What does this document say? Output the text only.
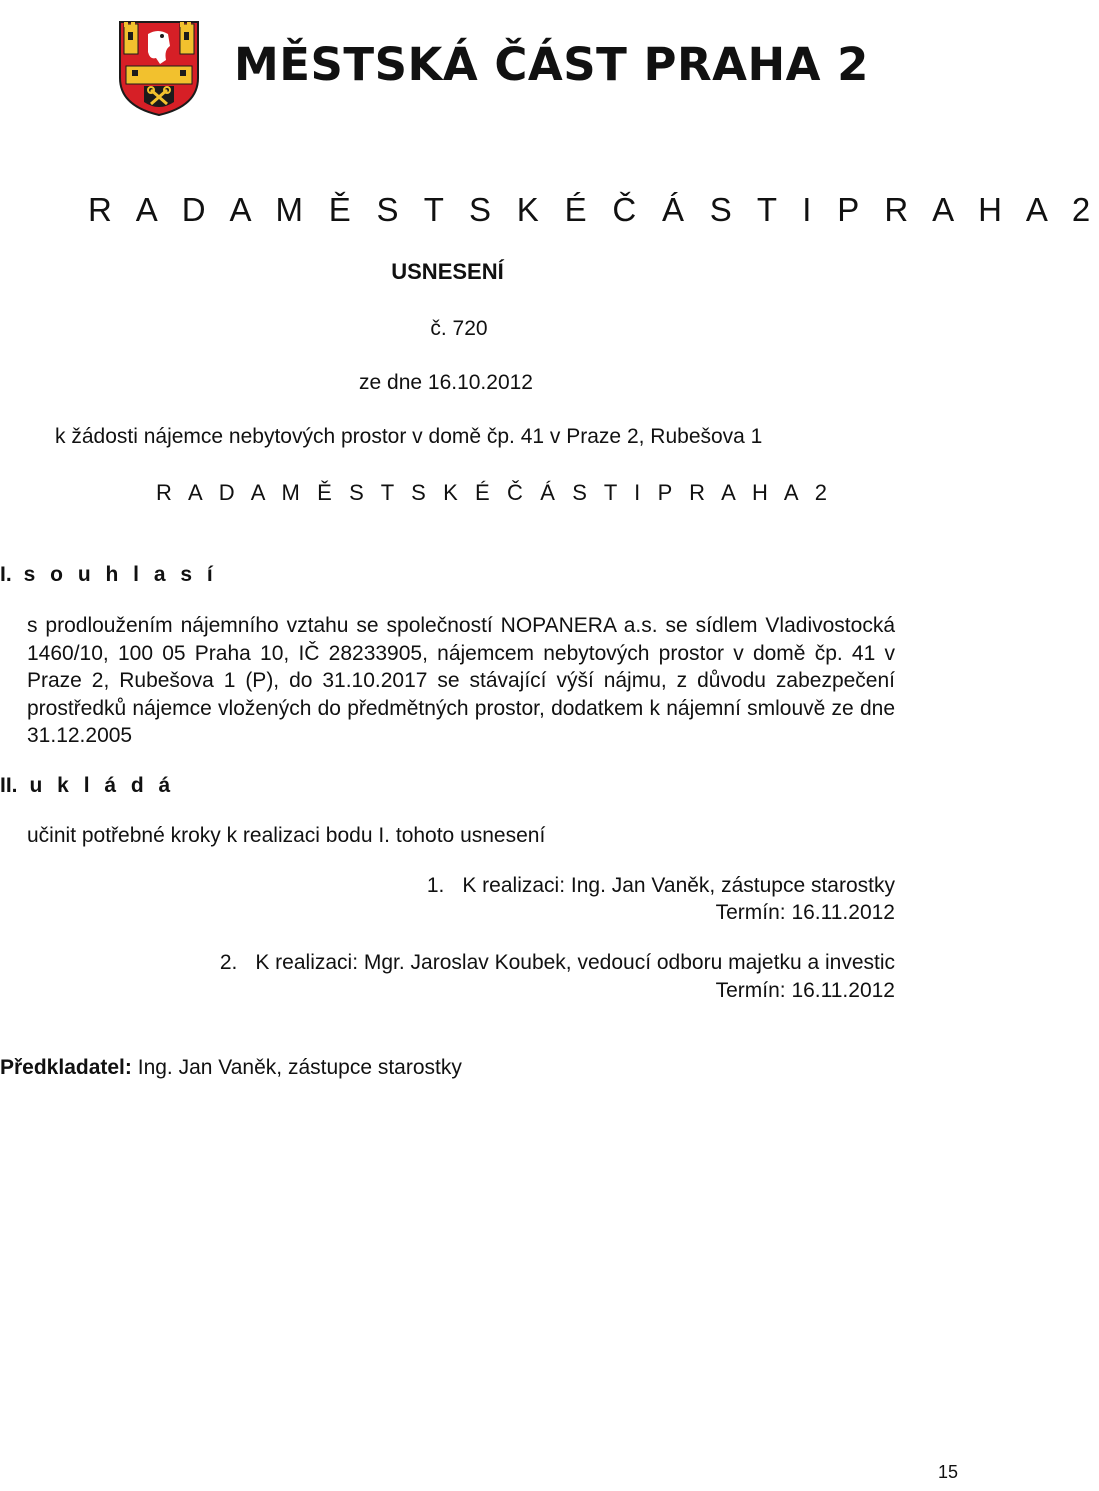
MĚSTSKÁ ČÁST PRAHA 2
R A D A M Ě S T S K É Č Á S T I P R A H A 2
USNESENÍ
č. 720
ze dne 16.10.2012
k žádosti nájemce nebytových prostor v domě čp. 41 v Praze 2, Rubešova 1
R A D A M Ě S T S K É Č Á S T I P R A H A 2
I. s o u h l a s í

s prodloužením nájemního vztahu se společností NOPANERA a.s. se sídlem Vladivostocká 1460/10, 100 05 Praha 10, IČ 28233905, nájemcem nebytových prostor v domě čp. 41 v Praze 2, Rubešova 1 (P), do 31.10.2017 se stávající výší nájmu, z důvodu zabezpečení prostředků nájemce vložených do předmětných prostor, dodatkem k nájemní smlouvě ze dne 31.12.2005

II. u k l á d á
učinit potřebné kroky k realizaci bodu I. tohoto usnesení
1. K realizaci: Ing. Jan Vaněk, zástupce starostky
Termín: 16.11.2012
2. K realizaci: Mgr. Jaroslav Koubek, vedoucí odboru majetku a investic
Termín: 16.11.2012
Předkladatel: Ing. Jan Vaněk, zástupce starostky
15
